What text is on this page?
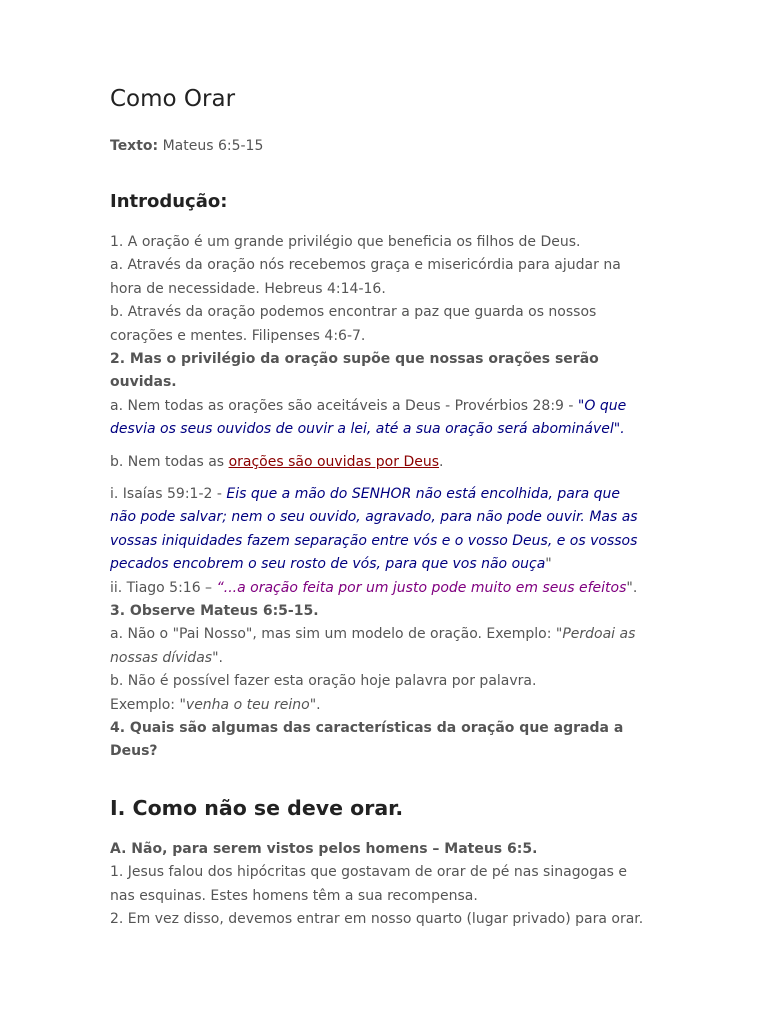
Como Orar
Texto: Mateus 6:5-15
Introdução:
1. A oração é um grande privilégio que beneficia os filhos de Deus.
a. Através da oração nós recebemos graça e misericórdia para ajudar na
hora de necessidade. Hebreus 4:14-16.
b. Através da oração podemos encontrar a paz que guarda os nossos
corações e mentes. Filipenses 4:6-7.
2. Mas o privilégio da oração supõe que nossas orações serão
ouvidas.
a. Nem todas as orações são aceitáveis a Deus - Provérbios 28:9 - "O que
desvia os seus ouvidos de ouvir a lei, até a sua oração será abominável".
b. Nem todas as orações são ouvidas por Deus.
i. Isaías 59:1-2 - Eis que a mão do SENHOR não está encolhida, para que
não pode salvar; nem o seu ouvido, agravado, para não pode ouvir. Mas as
vossas iniquidades fazem separação entre vós e o vosso Deus, e os vossos
pecados encobrem o seu rosto de vós, para que vos não ouça"
ii. Tiago 5:16 – “...a oração feita por um justo pode muito em seus efeitos".
3. Observe Mateus 6:5-15.
a. Não o "Pai Nosso", mas sim um modelo de oração. Exemplo: "Perdoai as
nossas dívidas".
b. Não é possível fazer esta oração hoje palavra por palavra.
Exemplo: "venha o teu reino".
4. Quais são algumas das características da oração que agrada a
Deus?
I. Como não se deve orar.
A. Não, para serem vistos pelos homens – Mateus 6:5.
1. Jesus falou dos hipócritas que gostavam de orar de pé nas sinagogas e
nas esquinas. Estes homens têm a sua recompensa.
2. Em vez disso, devemos entrar em nosso quarto (lugar privado) para orar.
